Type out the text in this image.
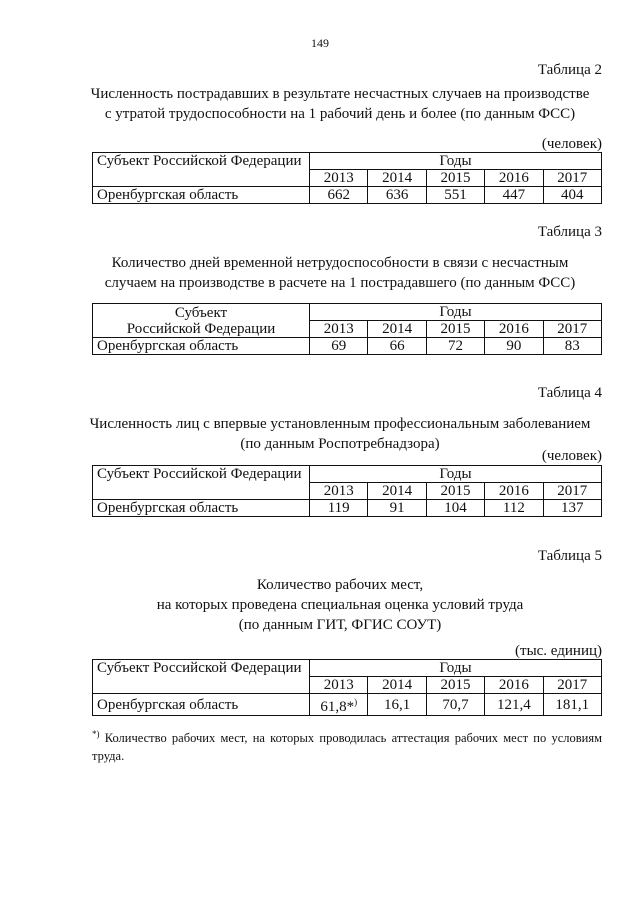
149
Таблица 2
Численность пострадавших в результате несчастных случаев на производстве
с утратой трудоспособности на 1 рабочий день и более (по данным ФСС)
(человек)
Субъект Российской Федерации	Годы				
	2013	2014	2015	2016	2017
Оренбургская область	662	636	551	447	404
Таблица 3
Количество дней временной нетрудоспособности в связи с несчастным
случаем на производстве в расчете на 1 пострадавшего (по данным ФСС)
Субъект
Российской Федерации	Годы				
	2013	2014	2015	2016	2017
Оренбургская область	69	66	72	90	83
Таблица 4
Численность лиц с впервые установленным профессиональным заболеванием
(по данным Роспотребнадзора)
(человек)
Субъект Российской Федерации	Годы				
	2013	2014	2015	2016	2017
Оренбургская область	119	91	104	112	137
Таблица 5
Количество рабочих мест,
на которых проведена специальная оценка условий труда
(по данным ГИТ, ФГИС СОУТ)
(тыс. единиц)
Субъект Российской Федерации	Годы				
	2013	2014	2015	2016	2017
Оренбургская область	61,8*)	16,1	70,7	121,4	181,1
*) Количество рабочих мест, на которых проводилась аттестация рабочих мест по условиям труда.
